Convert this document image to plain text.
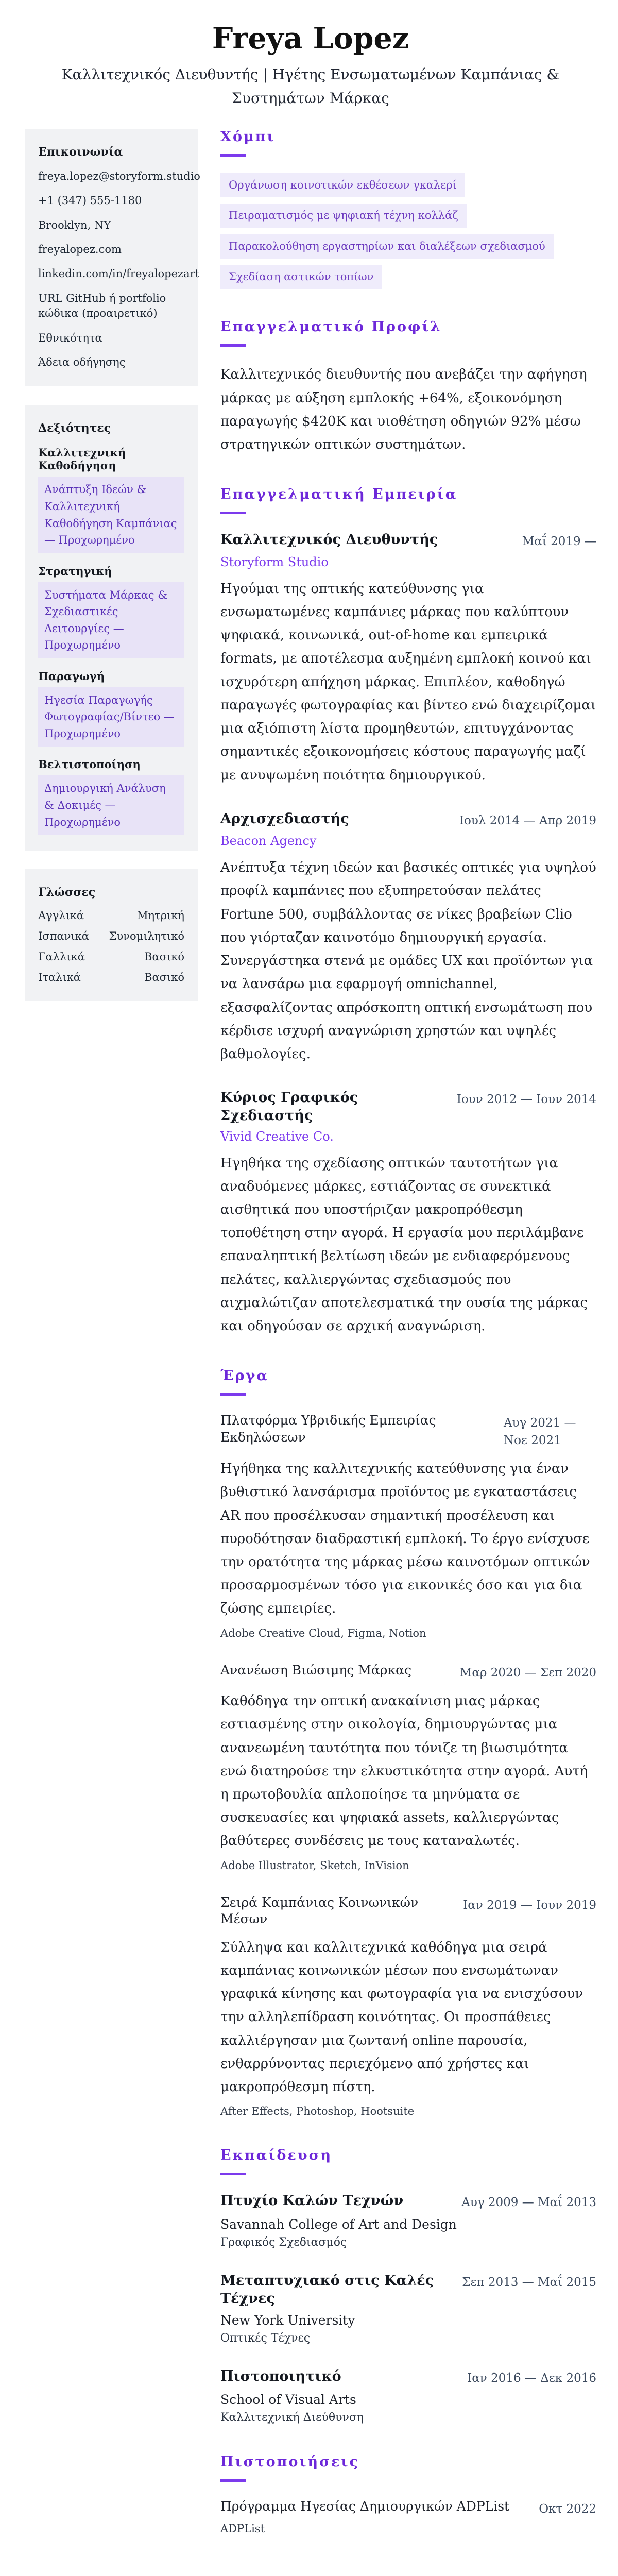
Freya Lopez
Καλλιτεχνικός Διευθυντής | Ηγέτης Ενσωματωμένων Καμπάνιας & Συστημάτων Μάρκας
Επικοινωνία
freya.lopez@storyform.studio
+1 (347) 555-1180
Brooklyn, NY
freyalopez.com
linkedin.com/in/freyalopezart
URL GitHub ή portfolio κώδικα (προαιρετικό)
Εθνικότητα
Άδεια οδήγησης
Δεξιότητες
Καλλιτεχνική Καθοδήγηση
Ανάπτυξη Ιδεών & Καλλιτεχνική Καθοδήγηση Καμπάνιας — Προχωρημένο
Στρατηγική
Συστήματα Μάρκας & Σχεδιαστικές Λειτουργίες — Προχωρημένο
Παραγωγή
Ηγεσία Παραγωγής Φωτογραφίας/Βίντεο — Προχωρημένο
Βελτιστοποίηση
Δημιουργική Ανάλυση & Δοκιμές — Προχωρημένο
Γλώσσες
Αγγλικά	Μητρική
Ισπανικά Συνομιλητικό
Γαλλικά	Βασικό
Ιταλικά	Βασικό
Χόμπι
Οργάνωση κοινοτικών εκθέσεων γκαλερί
Πειραματισμός με ψηφιακή τέχνη κολλάζ
Παρακολούθηση εργαστηρίων και διαλέξεων σχεδιασμού
Σχεδίαση αστικών τοπίων
Επαγγελματικό Προφίλ

Καλλιτεχνικός διευθυντής που ανεβάζει την αφήγηση μάρκας με αύξηση εμπλοκής +64%, εξοικονόμηση παραγωγής $420K και υιοθέτηση οδηγιών 92% μέσω στρατηγικών οπτικών συστημάτων.

Επαγγελματική Εμπειρία
Καλλιτεχνικός Διευθυντής	Μαΐ 2019 —
Storyform Studio

Ηγούμαι της οπτικής κατεύθυνσης για ενσωματωμένες καμπάνιες μάρκας που καλύπτουν ψηφιακά, κοινωνικά, out-of-home και εμπειρικά formats, με αποτέλεσμα αυξημένη εμπλοκή κοινού και ισχυρότερη απήχηση μάρκας. Επιπλέον, καθοδηγώ παραγωγές φωτογραφίας και βίντεο ενώ διαχειρίζομαι μια αξιόπιστη λίστα προμηθευτών, επιτυγχάνοντας σημαντικές εξοικονομήσεις κόστους παραγωγής μαζί με ανυψωμένη ποιότητα δημιουργικού.

Αρχισχεδιαστής	Ιουλ 2014 — Απρ 2019
Beacon Agency

Ανέπτυξα τέχνη ιδεών και βασικές οπτικές για υψηλού προφίλ καμπάνιες που εξυπηρετούσαν πελάτες Fortune 500, συμβάλλοντας σε νίκες βραβείων Clio που γιόρταζαν καινοτόμο δημιουργική εργασία. Συνεργάστηκα στενά με ομάδες UX και προϊόντων για να λανσάρω μια εφαρμογή omnichannel, εξασφαλίζοντας απρόσκοπτη οπτική ενσωμάτωση που κέρδισε ισχυρή αναγνώριση χρηστών και υψηλές βαθμολογίες.

Κύριος Γραφικός Σχεδιαστής
Ιουν 2012 — Ιουν 2014
Vivid Creative Co.

Ηγηθήκα της σχεδίασης οπτικών ταυτοτήτων για αναδυόμενες μάρκες, εστιάζοντας σε συνεκτικά αισθητικά που υποστήριζαν μακροπρόθεσμη τοποθέτηση στην αγορά. Η εργασία μου περιλάμβανε επαναληπτική βελτίωση ιδεών με ενδιαφερόμενους πελάτες, καλλιεργώντας σχεδιασμούς που αιχμαλώτιζαν αποτελεσματικά την ουσία της μάρκας και οδηγούσαν σε αρχική αναγνώριση.

Έργα
Πλατφόρμα Υβριδικής Εμπειρίας Εκδηλώσεων
Αυγ 2021 — Νοε 2021

Ηγήθηκα της καλλιτεχνικής κατεύθυνσης για έναν βυθιστικό λανσάρισμα προϊόντος με εγκαταστάσεις AR που προσέλκυσαν σημαντική προσέλευση και πυροδότησαν διαδραστική εμπλοκή. Το έργο ενίσχυσε την ορατότητα της μάρκας μέσω καινοτόμων οπτικών προσαρμοσμένων τόσο για εικονικές όσο και για δια ζώσης εμπειρίες.

Adobe Creative Cloud, Figma, Notion
Ανανέωση Βιώσιμης Μάρκας	Μαρ 2020 — Σεπ 2020

Καθόδηγα την οπτική ανακαίνιση μιας μάρκας εστιασμένης στην οικολογία, δημιουργώντας μια ανανεωμένη ταυτότητα που τόνιζε τη βιωσιμότητα ενώ διατηρούσε την ελκυστικότητα στην αγορά. Αυτή η πρωτοβουλία απλοποίησε τα μηνύματα σε συσκευασίες και ψηφιακά assets, καλλιεργώντας βαθύτερες συνδέσεις με τους καταναλωτές.

Adobe Illustrator, Sketch, InVision
Σειρά Καμπάνιας Κοινωνικών Μέσων
Ιαν 2019 — Ιουν 2019

Σύλληψα και καλλιτεχνικά καθόδηγα μια σειρά καμπάνιας κοινωνικών μέσων που ενσωμάτωναν γραφικά κίνησης και φωτογραφία για να ενισχύσουν την αλληλεπίδραση κοινότητας. Οι προσπάθειες καλλιέργησαν μια ζωντανή online παρουσία, ενθαρρύνοντας περιεχόμενο από χρήστες και μακροπρόθεσμη πίστη.

After Effects, Photoshop, Hootsuite
Εκπαίδευση
Πτυχίο Καλών Τεχνών	Αυγ 2009 — Μαΐ 2013
Savannah College of Art and Design
Γραφικός Σχεδιασμός
Μεταπτυχιακό στις Καλές Τέχνες
Σεπ 2013 — Μαΐ 2015
New York University
Οπτικές Τέχνες
Πιστοποιητικό	Ιαν 2016 — Δεκ 2016
School of Visual Arts
Καλλιτεχνική Διεύθυνση
Πιστοποιήσεις
Πρόγραμμα Ηγεσίας Δημιουργικών ADPList Οκτ 2022
ADPList
